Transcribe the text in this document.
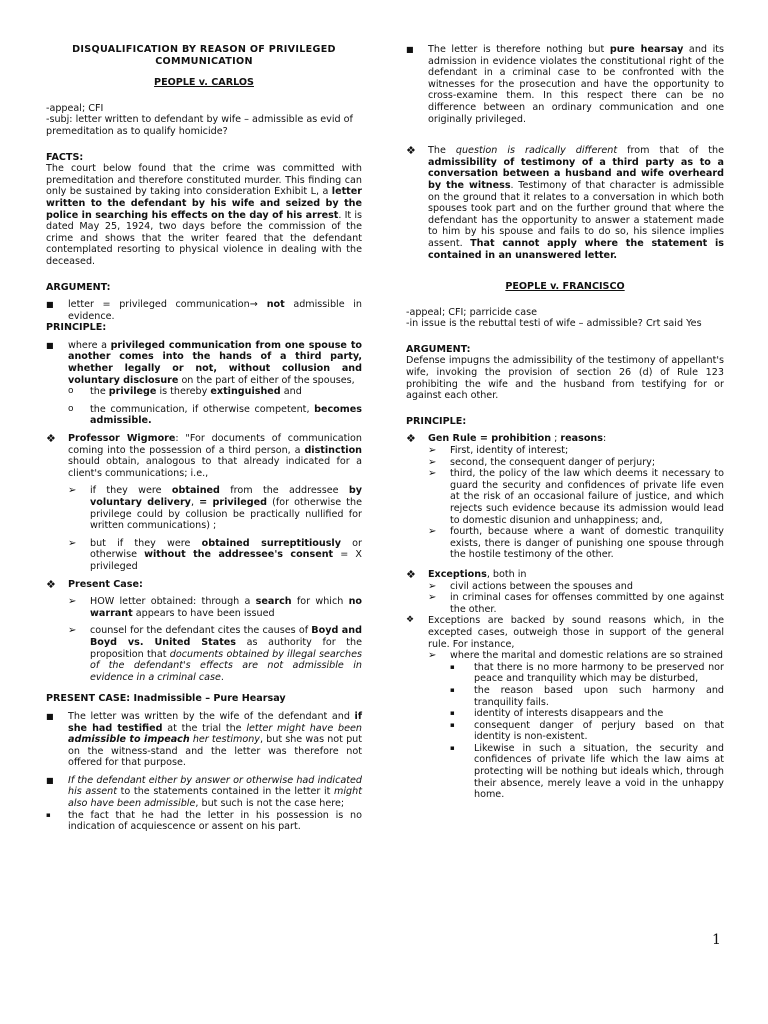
DISQUALIFICATION BY REASON OF PRIVILEGED
COMMUNICATION
PEOPLE v. CARLOS

-appeal; CFI

-subj: letter written to defendant by wife – admissible as evid of premeditation as to qualify homicide?

FACTS:

The court below found that the crime was committed with premeditation and therefore constituted murder. This finding can only be sustained by taking into consideration Exhibit L, a letter written to the defendant by his wife and seized by the police in searching his effects on the day of his arrest. It is dated May 25, 1924, two days before the commission of the crime and shows that the writer feared that the defendant contemplated resorting to physical violence in dealing with the deceased.

ARGUMENT:
■	letter = privileged communication→ not admissible in evidence.
PRINCIPLE:
■	where a privileged communication from one spouse to another comes into the hands of a third party, whether legally or not, without collusion and voluntary disclosure on the part of either of the spouses,
o	the privilege is thereby extinguished and
o	the communication, if otherwise competent, becomes admissible.
❖	Professor Wigmore: "For documents of communication coming into the possession of a third person, a distinction should obtain, analogous to that already indicated for a client's communications; i.e.,
➢	if they were obtained from the addressee by voluntary delivery, = privileged (for otherwise the privilege could by collusion be practically nullified for written communications) ;
➢	but if they were obtained surreptitiously or otherwise without the addressee's consent = X privileged
❖	Present Case:
➢	HOW letter obtained: through a search for which no warrant appears to have been issued
➢	counsel for the defendant cites the causes of Boyd and Boyd vs. United States as authority for the proposition that documents obtained by illegal searches of the defendant's effects are not admissible in evidence in a criminal case.
PRESENT CASE: Inadmissible – Pure Hearsay
■	The letter was written by the wife of the defendant and if she had testified at the trial the letter might have been admissible to impeach her testimony, but she was not put on the witness-stand and the letter was therefore not offered for that purpose.
■	If the defendant either by answer or otherwise had indicated his assent to the statements contained in the letter it might also have been admissible, but such is not the case here;
▪	the fact that he had the letter in his possession is no indication of acquiescence or assent on his part.
■	The letter is therefore nothing but pure hearsay and its admission in evidence violates the constitutional right of the defendant in a criminal case to be confronted with the witnesses for the prosecution and have the opportunity to cross-examine them. In this respect there can be no difference between an ordinary communication and one originally privileged.
❖	The question is radically different from that of the admissibility of testimony of a third party as to a conversation between a husband and wife overheard by the witness. Testimony of that character is admissible on the ground that it relates to a conversation in which both spouses took part and on the further ground that where the defendant has the opportunity to answer a statement made to him by his spouse and fails to do so, his silence implies assent. That cannot apply where the statement is contained in an unanswered letter.
PEOPLE v. FRANCISCO

-appeal; CFI; parricide case

-in issue is the rebuttal testi of wife – admissible? Crt said Yes

ARGUMENT:

Defense impugns the admissibility of the testimony of appellant's wife, invoking the provision of section 26 (d) of Rule 123 prohibiting the wife and the husband from testifying for or against each other.

PRINCIPLE:
❖	Gen Rule = prohibition ; reasons:
➢	First, identity of interest;
➢	second, the consequent danger of perjury;
➢	third, the policy of the law which deems it necessary to guard the security and confidences of private life even at the risk of an occasional failure of justice, and which rejects such evidence because its admission would lead to domestic disunion and unhappiness; and,
➢	fourth, because where a want of domestic tranquility exists, there is danger of punishing one spouse through the hostile testimony of the other.
❖	Exceptions, both in
➢	civil actions between the spouses and
➢	in criminal cases for offenses committed by one against the other.
❖	Exceptions are backed by sound reasons which, in the excepted cases, outweigh those in support of the general rule. For instance,
➢	where the marital and domestic relations are so strained
▪	that there is no more harmony to be preserved nor peace and tranquility which may be disturbed,
▪	the reason based upon such harmony and tranquility fails.
▪	identity of interests disappears and the
▪	consequent danger of perjury based on that identity is non-existent.
▪	Likewise in such a situation, the security and confidences of private life which the law aims at protecting will be nothing but ideals which, through their absence, merely leave a void in the unhappy home.
1
